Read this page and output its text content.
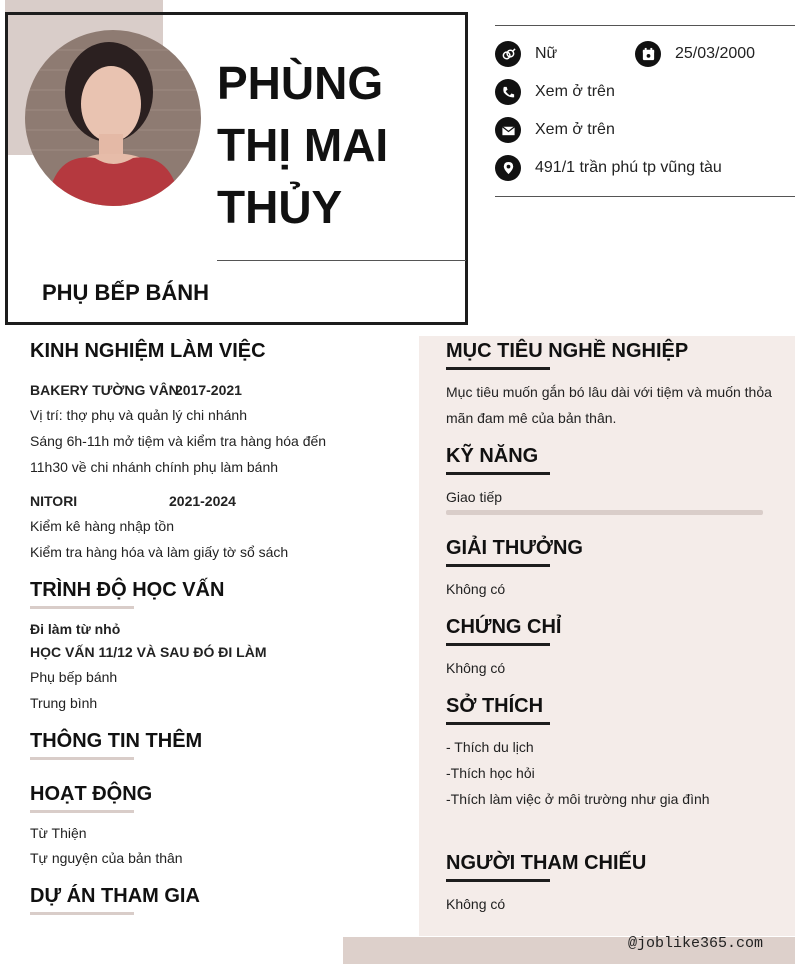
PHÙNG
THỊ MAI
THỦY
PHỤ BẾP BÁNH
Nữ	25/03/2000
Xem ở trên
Xem ở trên
491/1 trần phú tp vũng tàu
@joblike365.com
KINH NGHIỆM LÀM VIỆC
BAKERY TƯỜNG VÂN
2017-2021
Vị trí: thợ phụ và quản lý chi nhánh
Sáng 6h-11h mở tiệm và kiểm tra hàng hóa đến
11h30 về chi nhánh chính phụ làm bánh
NITORI	2021-2024
Kiểm kê hàng nhập tồn
Kiểm tra hàng hóa và làm giấy tờ sổ sách
TRÌNH ĐỘ HỌC VẤN
Đi làm từ nhỏ
HỌC VẤN 11/12 VÀ SAU ĐÓ ĐI LÀM
Phụ bếp bánh
Trung bình
THÔNG TIN THÊM
HOẠT ĐỘNG
Từ Thiện
Tự nguyện của bản thân
DỰ ÁN THAM GIA
MỤC TIÊU NGHỀ NGHIỆP
Mục tiêu muốn gắn bó lâu dài với tiệm và muốn thỏa
mãn đam mê của bản thân.
KỸ NĂNG
Giao tiếp
GIẢI THƯỞNG
Không có
CHỨNG CHỈ
Không có
SỞ THÍCH
- Thích du lịch
-Thích học hỏi
-Thích làm việc ở môi trường như gia đình
NGƯỜI THAM CHIẾU
Không có
